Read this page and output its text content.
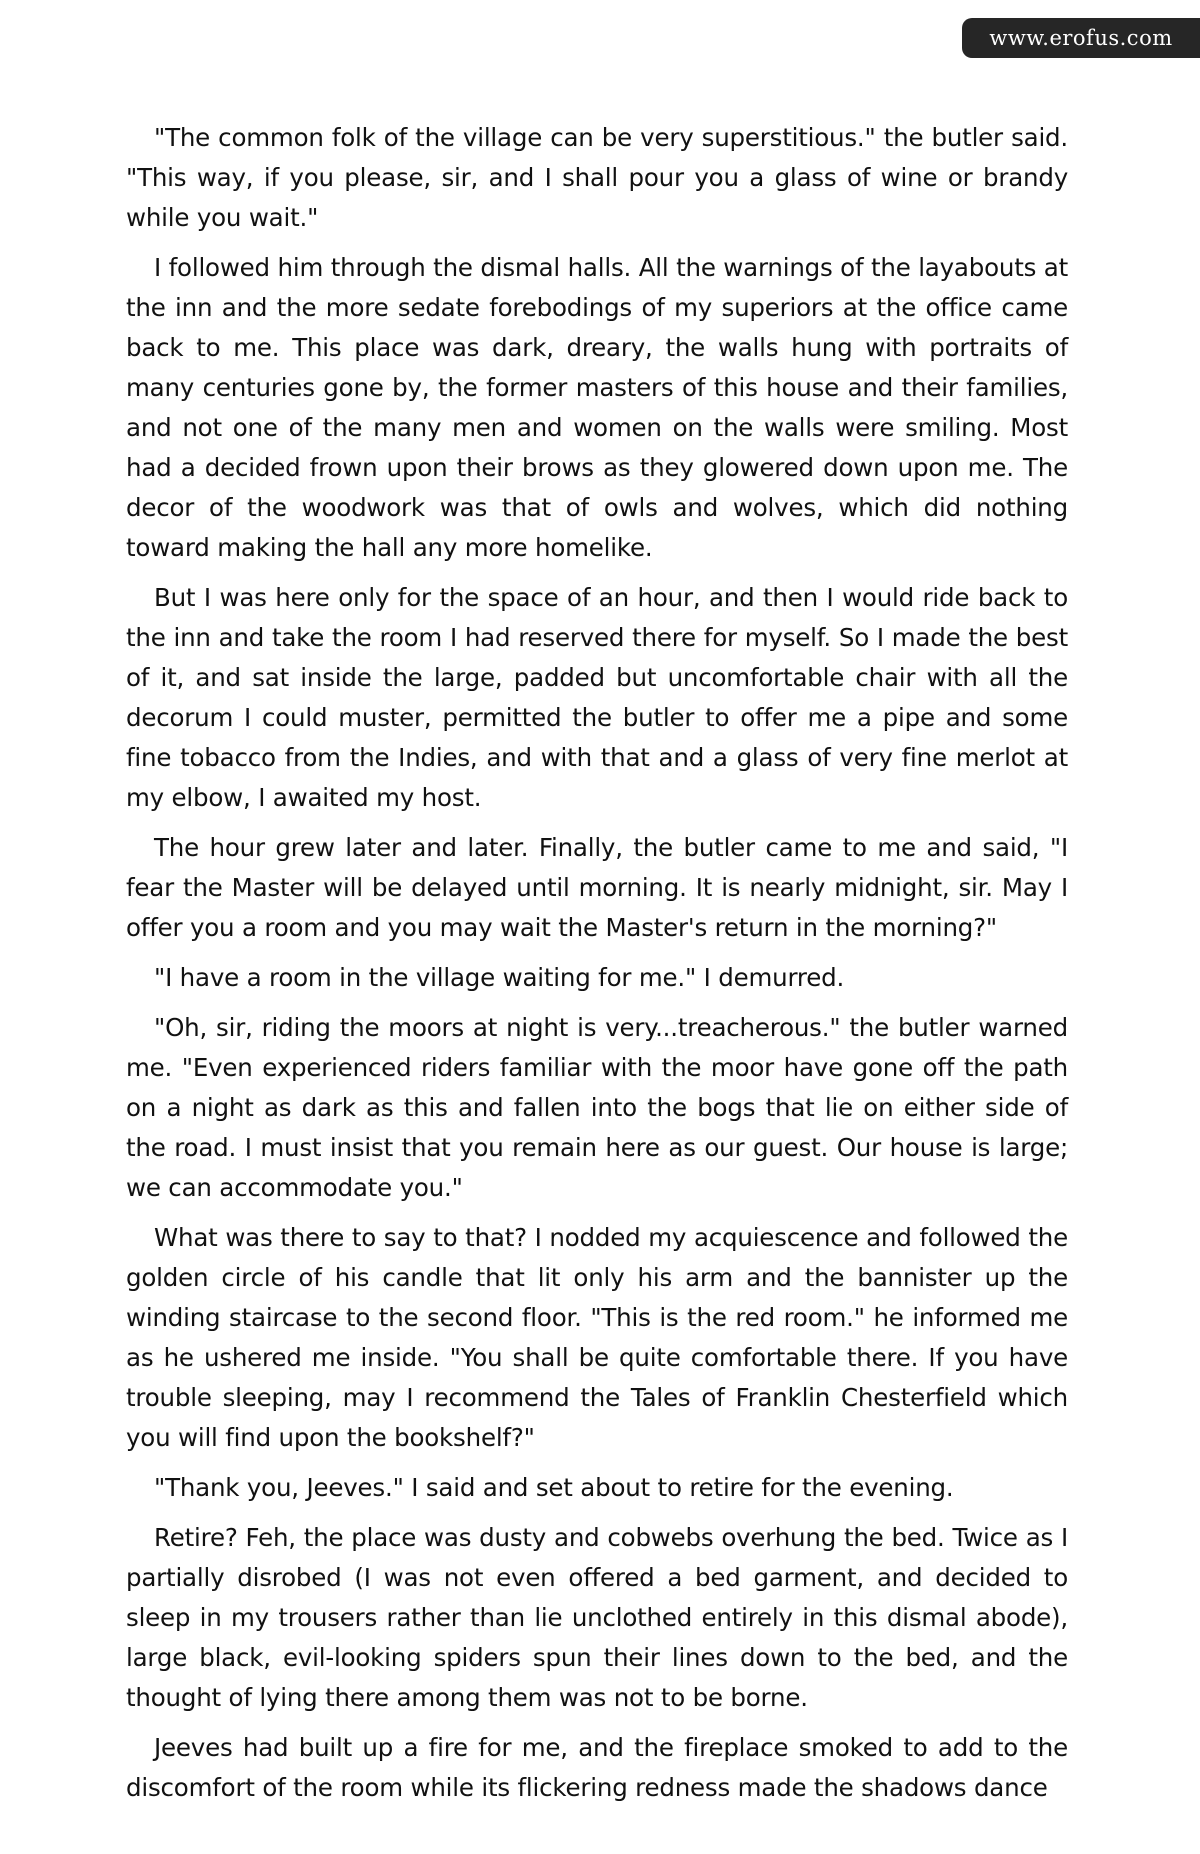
www.erofus.com

"The common folk of the village can be very superstitious." the butler said. "This way, if you please, sir, and I shall pour you a glass of wine or brandy while you wait."

I followed him through the dismal halls. All the warnings of the layabouts at the inn and the more sedate forebodings of my superiors at the office came back to me. This place was dark, dreary, the walls hung with portraits of many centuries gone by, the former masters of this house and their families, and not one of the many men and women on the walls were smiling. Most had a decided frown upon their brows as they glowered down upon me. The decor of the woodwork was that of owls and wolves, which did nothing toward making the hall any more homelike.

But I was here only for the space of an hour, and then I would ride back to the inn and take the room I had reserved there for myself. So I made the best of it, and sat inside the large, padded but uncomfortable chair with all the decorum I could muster, permitted the butler to offer me a pipe and some fine tobacco from the Indies, and with that and a glass of very fine merlot at my elbow, I awaited my host.

The hour grew later and later. Finally, the butler came to me and said, "I fear the Master will be delayed until morning. It is nearly midnight, sir. May I offer you a room and you may wait the Master's return in the morning?"

"I have a room in the village waiting for me." I demurred.

"Oh, sir, riding the moors at night is very...treacherous." the butler warned me. "Even experienced riders familiar with the moor have gone off the path on a night as dark as this and fallen into the bogs that lie on either side of the road. I must insist that you remain here as our guest. Our house is large; we can accommodate you."

What was there to say to that? I nodded my acquiescence and followed the golden circle of his candle that lit only his arm and the bannister up the winding staircase to the second floor. "This is the red room." he informed me as he ushered me inside. "You shall be quite comfortable there. If you have trouble sleeping, may I recommend the Tales of Franklin Chesterfield which you will find upon the bookshelf?"

"Thank you, Jeeves." I said and set about to retire for the evening.

Retire? Feh, the place was dusty and cobwebs overhung the bed. Twice as I partially disrobed (I was not even offered a bed garment, and decided to sleep in my trousers rather than lie unclothed entirely in this dismal abode), large black, evil-looking spiders spun their lines down to the bed, and the thought of lying there among them was not to be borne.

Jeeves had built up a fire for me, and the fireplace smoked to add to the discomfort of the room while its flickering redness made the shadows dance
